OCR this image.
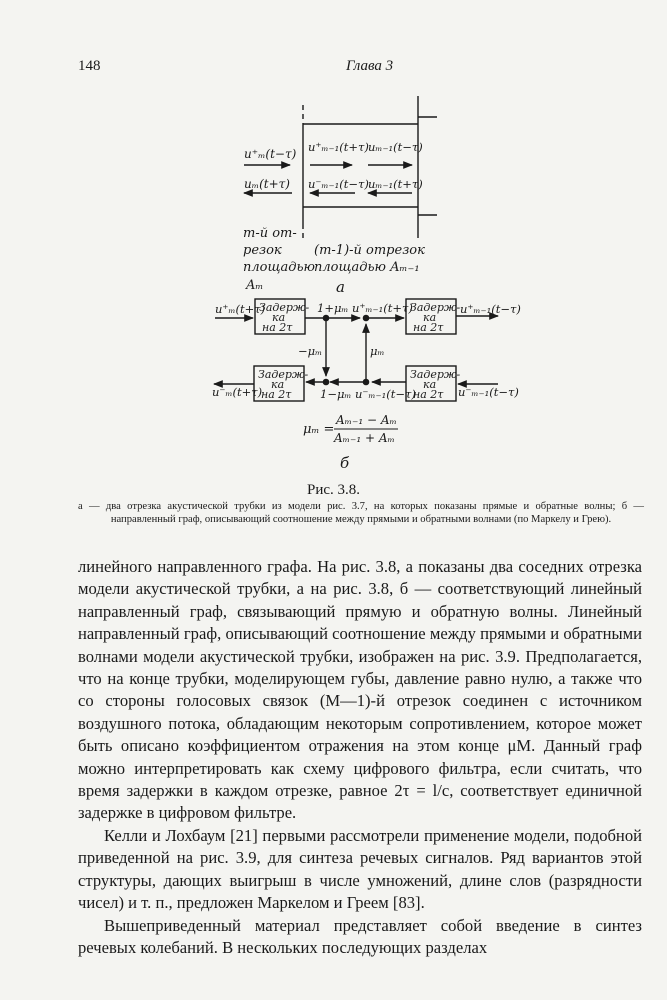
148	Глава 3
u⁺ₘ(t−τ)
uₘ(t+τ)
u⁺ₘ₋₁(t+τ)
u⁻ₘ₋₁(t−τ)
uₘ₋₁(t−τ)
uₘ₋₁(t+τ)
m-й от-
резок
площадью
Aₘ
(m-1)-й отрезок
площадью Aₘ₋₁
а
Задерж-
ка
на 2τ
Задерж-
ка
на 2τ
Задерж-
ка
на 2τ
Задерж-
ка
на 2τ
u⁺ₘ(t+τ)
u⁻ₘ(t+τ)
u⁺ₘ₋₁(t−τ)
u⁻ₘ₋₁(t−τ)
u⁺ₘ₋₁(t+τ)
u⁻ₘ₋₁(t−τ)
1+μₘ
1−μₘ
−μₘ	μₘ
μₘ =
Aₘ₋₁ − Aₘ
Aₘ₋₁ + Aₘ
б
Рис. 3.8.
а — два отрезка акустической трубки из модели рис. 3.7, на которых показаны прямые и обратные волны; б — направленный граф, описывающий соотношение между прямыми и обратными волнами (по Маркелу и Грею).

линейного направленного графа. На рис. 3.8, а показаны два соседних отрезка модели акустической трубки, а на рис. 3.8, б — соответствующий линейный направленный граф, связывающий прямую и обратную волны. Линейный направленный граф, описывающий соотношение между прямыми и обратными волнами модели акустической трубки, изображен на рис. 3.9. Предполагается, что на конце трубки, моделирующем губы, давление равно нулю, а также что со стороны голосовых связок (M—1)-й отрезок соединен с источником воздушного потока, обладающим некоторым сопротивлением, которое может быть описано коэффициентом отражения на этом конце μM. Данный граф можно интерпретировать как схему цифрового фильтра, если считать, что время задержки в каждом отрезке, равное 2τ = l/c, соответствует единичной задержке в цифровом фильтре.

Келли и Лохбаум [21] первыми рассмотрели применение модели, подобной приведенной на рис. 3.9, для синтеза речевых сигналов. Ряд вариантов этой структуры, дающих выигрыш в числе умножений, длине слов (разрядности чисел) и т. п., предложен Маркелом и Греем [83].

Вышеприведенный материал представляет собой введение в синтез речевых колебаний. В нескольких последующих разделах
